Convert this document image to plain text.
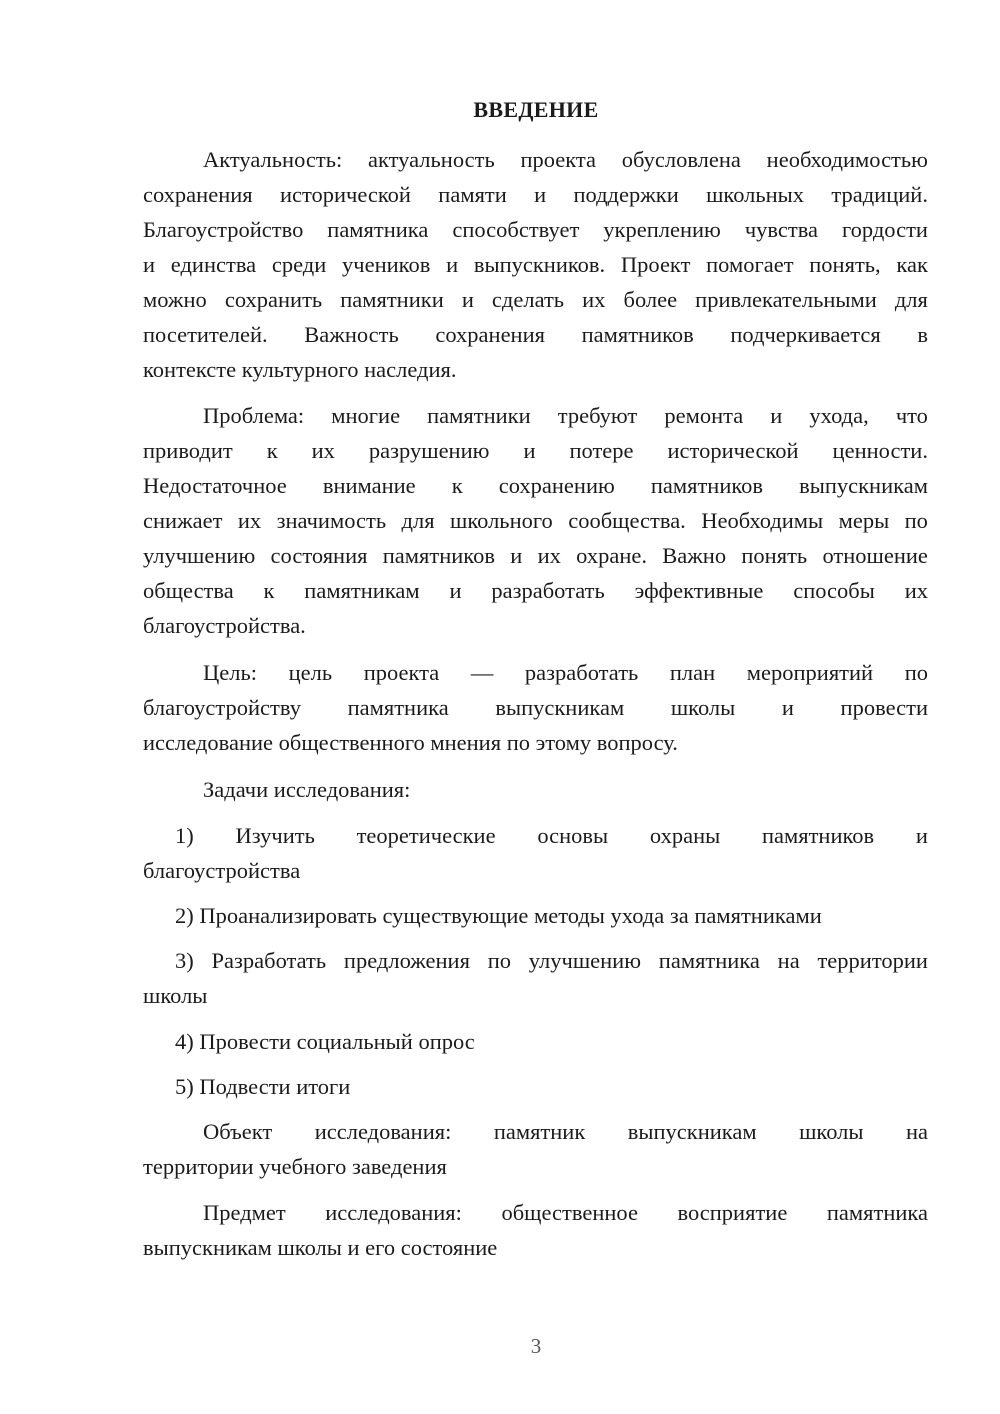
ВВЕДЕНИЕ
Актуальность: актуальность проекта обусловлена необходимостью
сохранения исторической памяти и поддержки школьных традиций.
Благоустройство памятника способствует укреплению чувства гордости
и единства среди учеников и выпускников. Проект помогает понять, как
можно сохранить памятники и сделать их более привлекательными для
посетителей. Важность сохранения памятников подчеркивается в
контексте культурного наследия.
Проблема: многие памятники требуют ремонта и ухода, что
приводит к их разрушению и потере исторической ценности.
Недостаточное внимание к сохранению памятников выпускникам
снижает их значимость для школьного сообщества. Необходимы меры по
улучшению состояния памятников и их охране. Важно понять отношение
общества к памятникам и разработать эффективные способы их
благоустройства.
Цель: цель проекта — разработать план мероприятий по
благоустройству памятника выпускникам школы и провести
исследование общественного мнения по этому вопросу.
Задачи исследования:
1) Изучить теоретические основы охраны памятников и
благоустройства
2) Проанализировать существующие методы ухода за памятниками
3) Разработать предложения по улучшению памятника на территории
школы
4) Провести социальный опрос
5) Подвести итоги
Объект исследования: памятник выпускникам школы на
территории учебного заведения
Предмет исследования: общественное восприятие памятника
выпускникам школы и его состояние
3
